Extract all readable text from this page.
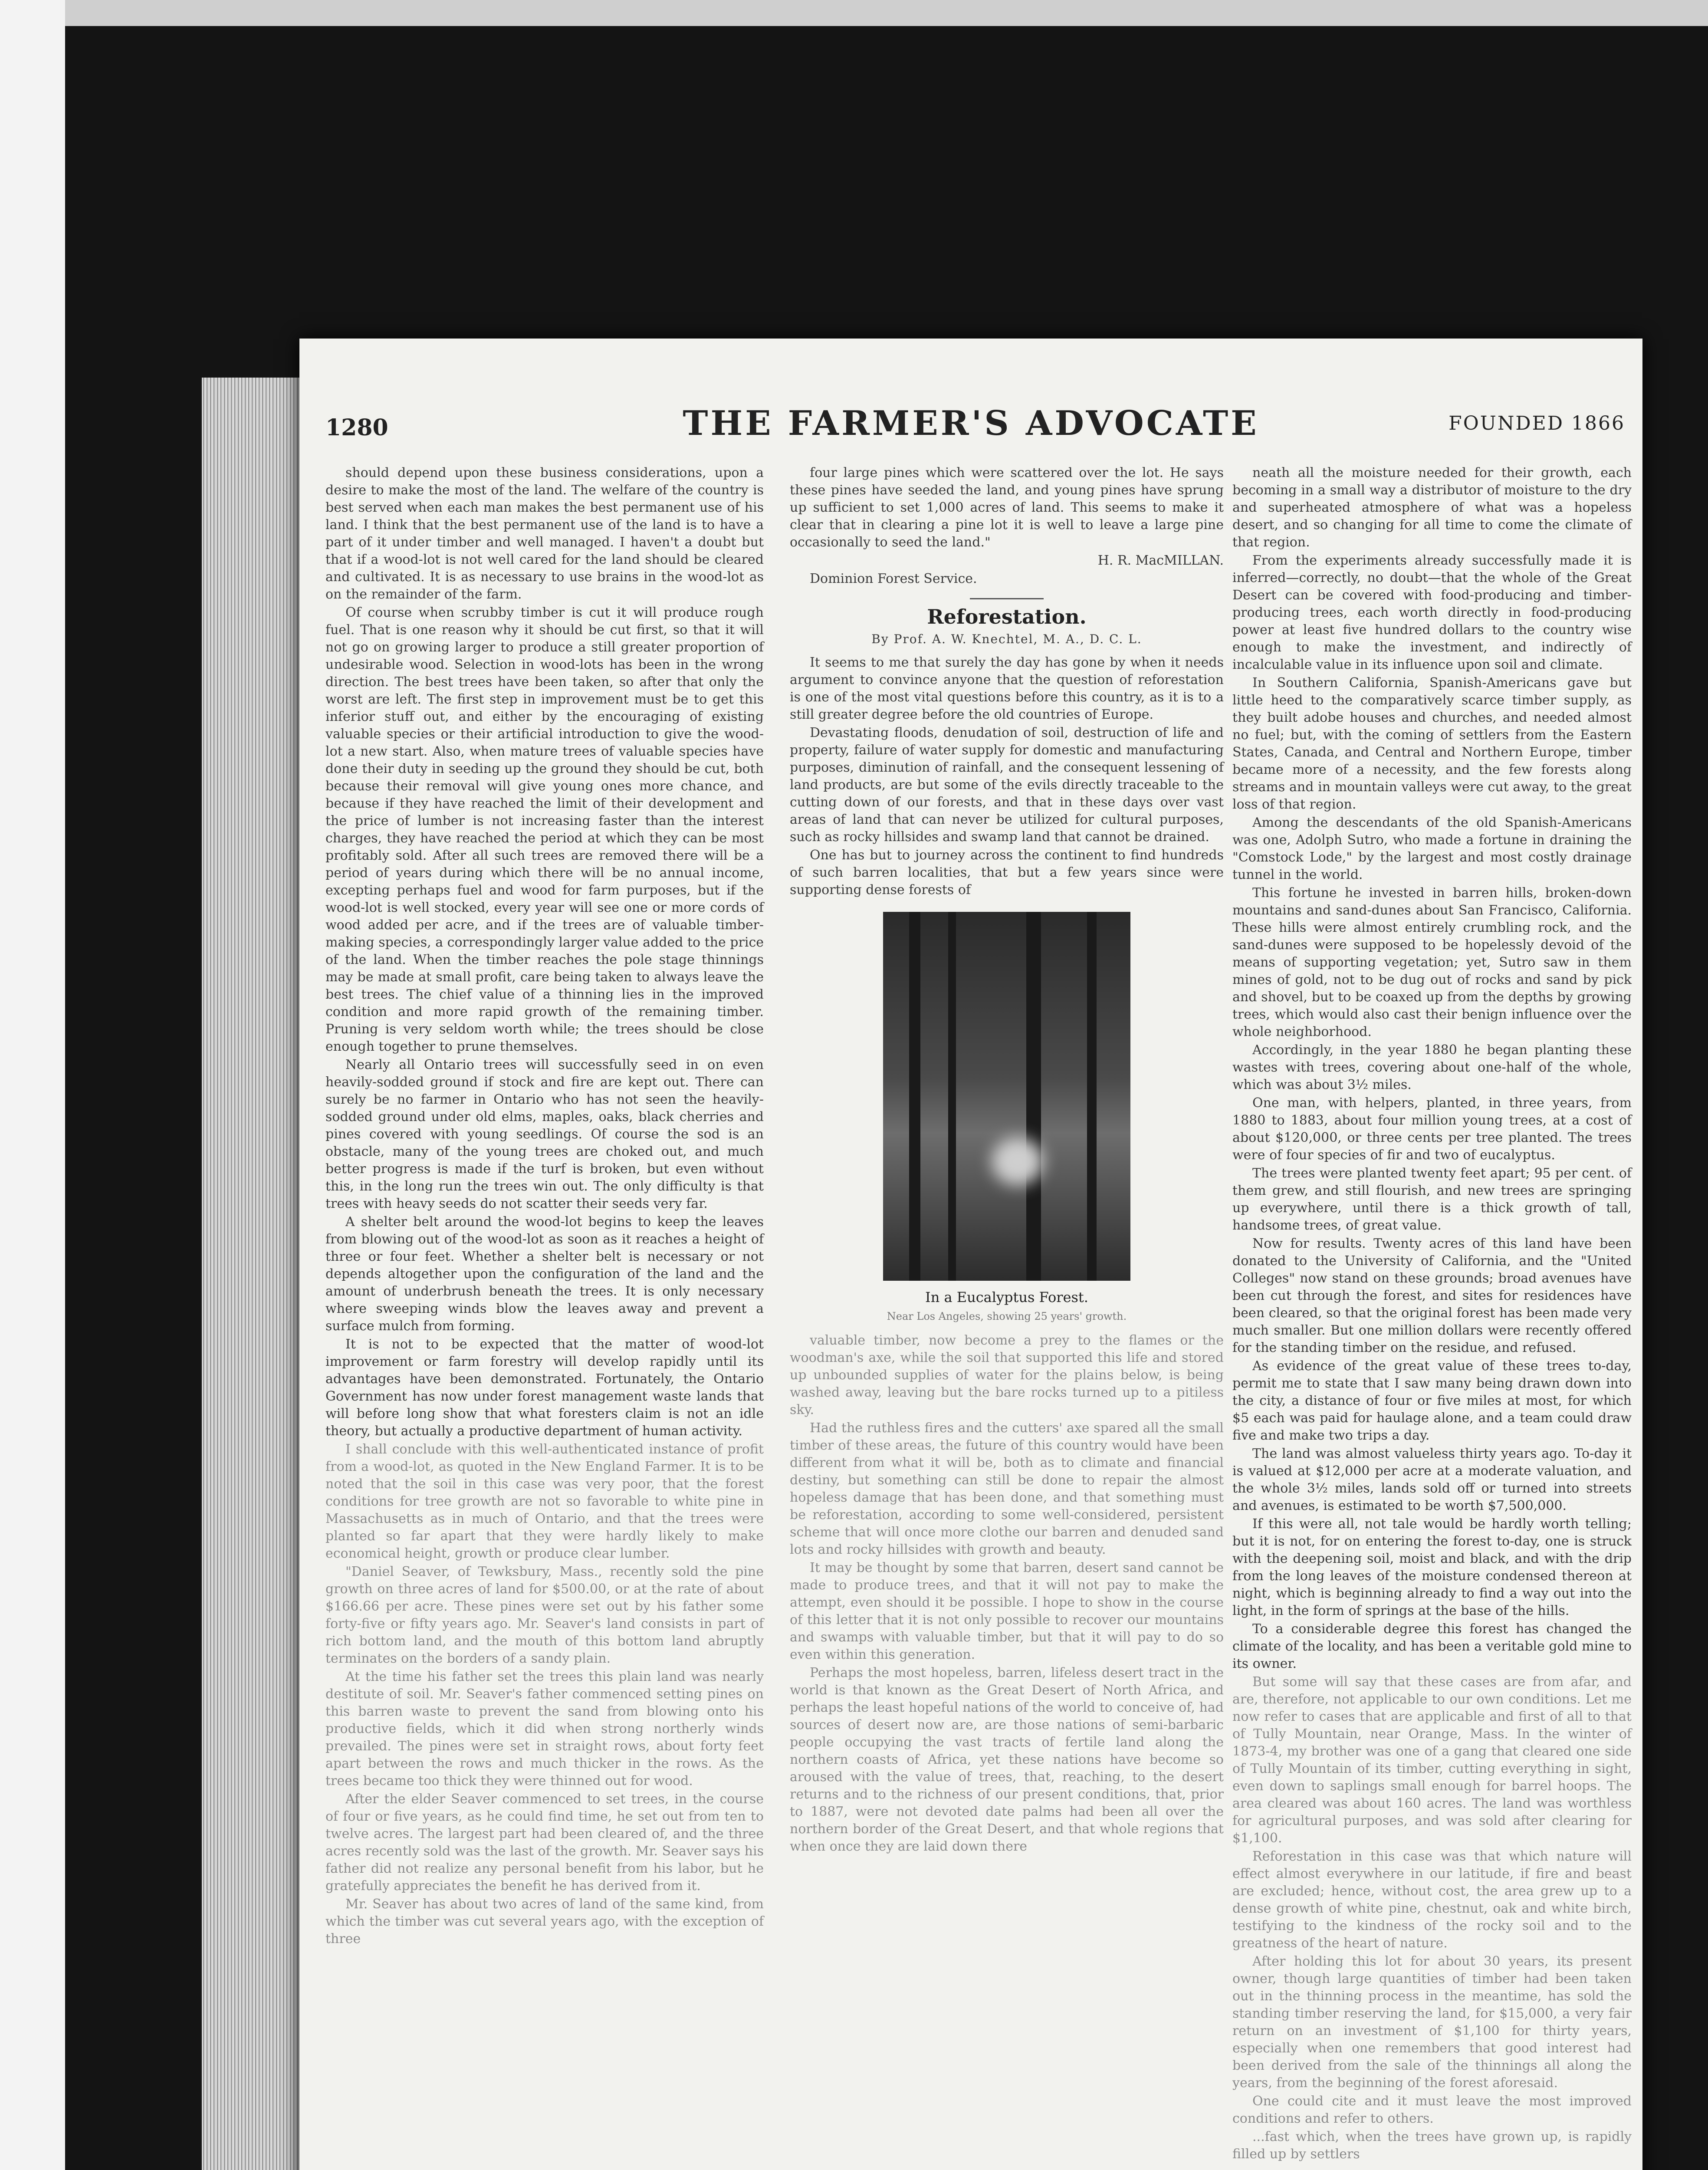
1280	THE FARMER'S ADVOCATE	FOUNDED 1866

should depend upon these business considerations, upon a desire to make the most of the land. The welfare of the country is best served when each man makes the best permanent use of his land. I think that the best permanent use of the land is to have a part of it under timber and well managed. I haven't a doubt but that if a wood-lot is not well cared for the land should be cleared and cultivated. It is as necessary to use brains in the wood-lot as on the remainder of the farm.

Of course when scrubby timber is cut it will produce rough fuel. That is one reason why it should be cut first, so that it will not go on growing larger to produce a still greater proportion of undesirable wood. Selection in wood-lots has been in the wrong direction. The best trees have been taken, so after that only the worst are left. The first step in improvement must be to get this inferior stuff out, and either by the encouraging of existing valuable species or their artificial introduction to give the wood-lot a new start. Also, when mature trees of valuable species have done their duty in seeding up the ground they should be cut, both because their removal will give young ones more chance, and because if they have reached the limit of their development and the price of lumber is not increasing faster than the interest charges, they have reached the period at which they can be most profitably sold. After all such trees are removed there will be a period of years during which there will be no annual income, excepting perhaps fuel and wood for farm purposes, but if the wood-lot is well stocked, every year will see one or more cords of wood added per acre, and if the trees are of valuable timber-making species, a correspondingly larger value added to the price of the land. When the timber reaches the pole stage thinnings may be made at small profit, care being taken to always leave the best trees. The chief value of a thinning lies in the improved condition and more rapid growth of the remaining timber. Pruning is very seldom worth while; the trees should be close enough together to prune themselves.

Nearly all Ontario trees will successfully seed in on even heavily-sodded ground if stock and fire are kept out. There can surely be no farmer in Ontario who has not seen the heavily-sodded ground under old elms, maples, oaks, black cherries and pines covered with young seedlings. Of course the sod is an obstacle, many of the young trees are choked out, and much better progress is made if the turf is broken, but even without this, in the long run the trees win out. The only difficulty is that trees with heavy seeds do not scatter their seeds very far.

A shelter belt around the wood-lot begins to keep the leaves from blowing out of the wood-lot as soon as it reaches a height of three or four feet. Whether a shelter belt is necessary or not depends altogether upon the configuration of the land and the amount of underbrush beneath the trees. It is only necessary where sweeping winds blow the leaves away and prevent a surface mulch from forming.

It is not to be expected that the matter of wood-lot improvement or farm forestry will develop rapidly until its advantages have been demonstrated. Fortunately, the Ontario Government has now under forest management waste lands that will before long show that what foresters claim is not an idle theory, but actually a productive department of human activity.

I shall conclude with this well-authenticated instance of profit from a wood-lot, as quoted in the New England Farmer. It is to be noted that the soil in this case was very poor, that the forest conditions for tree growth are not so favorable to white pine in Massachusetts as in much of Ontario, and that the trees were planted so far apart that they were hardly likely to make economical height, growth or produce clear lumber.

"Daniel Seaver, of Tewksbury, Mass., recently sold the pine growth on three acres of land for $500.00, or at the rate of about $166.66 per acre. These pines were set out by his father some forty-five or fifty years ago. Mr. Seaver's land consists in part of rich bottom land, and the mouth of this bottom land abruptly terminates on the borders of a sandy plain.

At the time his father set the trees this plain land was nearly destitute of soil. Mr. Seaver's father commenced setting pines on this barren waste to prevent the sand from blowing onto his productive fields, which it did when strong northerly winds prevailed. The pines were set in straight rows, about forty feet apart between the rows and much thicker in the rows. As the trees became too thick they were thinned out for wood.

After the elder Seaver commenced to set trees, in the course of four or five years, as he could find time, he set out from ten to twelve acres. The largest part had been cleared of, and the three acres recently sold was the last of the growth. Mr. Seaver says his father did not realize any personal benefit from his labor, but he gratefully appreciates the benefit he has derived from it.

Mr. Seaver has about two acres of land of the same kind, from which the timber was cut several years ago, with the exception of three

four large pines which were scattered over the lot. He says these pines have seeded the land, and young pines have sprung up sufficient to set 1,000 acres of land. This seems to make it clear that in clearing a pine lot it is well to leave a large pine occasionally to seed the land."

H. R. MacMILLAN.

Dominion Forest Service.

Reforestation.
By Prof. A. W. Knechtel, M. A., D. C. L.

It seems to me that surely the day has gone by when it needs argument to convince anyone that the question of reforestation is one of the most vital questions before this country, as it is to a still greater degree before the old countries of Europe.

Devastating floods, denudation of soil, destruction of life and property, failure of water supply for domestic and manufacturing purposes, diminution of rainfall, and the consequent lessening of land products, are but some of the evils directly traceable to the cutting down of our forests, and that in these days over vast areas of land that can never be utilized for cultural purposes, such as rocky hillsides and swamp land that cannot be drained.

One has but to journey across the continent to find hundreds of such barren localities, that but a few years since were supporting dense forests of

In a Eucalyptus Forest.
Near Los Angeles, showing 25 years' growth.

valuable timber, now become a prey to the flames or the woodman's axe, while the soil that supported this life and stored up unbounded supplies of water for the plains below, is being washed away, leaving but the bare rocks turned up to a pitiless sky.

Had the ruthless fires and the cutters' axe spared all the small timber of these areas, the future of this country would have been different from what it will be, both as to climate and financial destiny, but something can still be done to repair the almost hopeless damage that has been done, and that something must be reforestation, according to some well-considered, persistent scheme that will once more clothe our barren and denuded sand lots and rocky hillsides with growth and beauty.

It may be thought by some that barren, desert sand cannot be made to produce trees, and that it will not pay to make the attempt, even should it be possible. I hope to show in the course of this letter that it is not only possible to recover our mountains and swamps with valuable timber, but that it will pay to do so even within this generation.

Perhaps the most hopeless, barren, lifeless desert tract in the world is that known as the Great Desert of North Africa, and perhaps the least hopeful nations of the world to conceive of, had sources of desert now are, are those nations of semi-barbaric people occupying the vast tracts of fertile land along the northern coasts of Africa, yet these nations have become so aroused with the value of trees, that, reaching, to the desert returns and to the richness of our present conditions, that, prior to 1887, were not devoted date palms had been all over the northern border of the Great Desert, and that whole regions that when once they are laid down there

neath all the moisture needed for their growth, each becoming in a small way a distributor of moisture to the dry and superheated atmosphere of what was a hopeless desert, and so changing for all time to come the climate of that region.

From the experiments already successfully made it is inferred—correctly, no doubt—that the whole of the Great Desert can be covered with food-producing and timber-producing trees, each worth directly in food-producing power at least five hundred dollars to the country wise enough to make the investment, and indirectly of incalculable value in its influence upon soil and climate.

In Southern California, Spanish-Americans gave but little heed to the comparatively scarce timber supply, as they built adobe houses and churches, and needed almost no fuel; but, with the coming of settlers from the Eastern States, Canada, and Central and Northern Europe, timber became more of a necessity, and the few forests along streams and in mountain valleys were cut away, to the great loss of that region.

Among the descendants of the old Spanish-Americans was one, Adolph Sutro, who made a fortune in draining the "Comstock Lode," by the largest and most costly drainage tunnel in the world.

This fortune he invested in barren hills, broken-down mountains and sand-dunes about San Francisco, California. These hills were almost entirely crumbling rock, and the sand-dunes were supposed to be hopelessly devoid of the means of supporting vegetation; yet, Sutro saw in them mines of gold, not to be dug out of rocks and sand by pick and shovel, but to be coaxed up from the depths by growing trees, which would also cast their benign influence over the whole neighborhood.

Accordingly, in the year 1880 he began planting these wastes with trees, covering about one-half of the whole, which was about 3½ miles.

One man, with helpers, planted, in three years, from 1880 to 1883, about four million young trees, at a cost of about $120,000, or three cents per tree planted. The trees were of four species of fir and two of eucalyptus.

The trees were planted twenty feet apart; 95 per cent. of them grew, and still flourish, and new trees are springing up everywhere, until there is a thick growth of tall, handsome trees, of great value.

Now for results. Twenty acres of this land have been donated to the University of California, and the "United Colleges" now stand on these grounds; broad avenues have been cut through the forest, and sites for residences have been cleared, so that the original forest has been made very much smaller. But one million dollars were recently offered for the standing timber on the residue, and refused.

As evidence of the great value of these trees to-day, permit me to state that I saw many being drawn down into the city, a distance of four or five miles at most, for which $5 each was paid for haulage alone, and a team could draw five and make two trips a day.

The land was almost valueless thirty years ago. To-day it is valued at $12,000 per acre at a moderate valuation, and the whole 3½ miles, lands sold off or turned into streets and avenues, is estimated to be worth $7,500,000.

If this were all, not tale would be hardly worth telling; but it is not, for on entering the forest to-day, one is struck with the deepening soil, moist and black, and with the drip from the long leaves of the moisture condensed thereon at night, which is beginning already to find a way out into the light, in the form of springs at the base of the hills.

To a considerable degree this forest has changed the climate of the locality, and has been a veritable gold mine to its owner.

But some will say that these cases are from afar, and are, therefore, not applicable to our own conditions. Let me now refer to cases that are applicable and first of all to that of Tully Mountain, near Orange, Mass. In the winter of 1873-4, my brother was one of a gang that cleared one side of Tully Mountain of its timber, cutting everything in sight, even down to saplings small enough for barrel hoops. The area cleared was about 160 acres. The land was worthless for agricultural purposes, and was sold after clearing for $1,100.

Reforestation in this case was that which nature will effect almost everywhere in our latitude, if fire and beast are excluded; hence, without cost, the area grew up to a dense growth of white pine, chestnut, oak and white birch, testifying to the kindness of the rocky soil and to the greatness of the heart of nature.

After holding this lot for about 30 years, its present owner, though large quantities of timber had been taken out in the thinning process in the meantime, has sold the standing timber reserving the land, for $15,000, a very fair return on an investment of $1,100 for thirty years, especially when one remembers that good interest had been derived from the sale of the thinnings all along the years, from the beginning of the forest aforesaid.

One could cite and it must leave the most improved conditions and refer to others.

...fast which, when the trees have grown up, is rapidly filled up by settlers
